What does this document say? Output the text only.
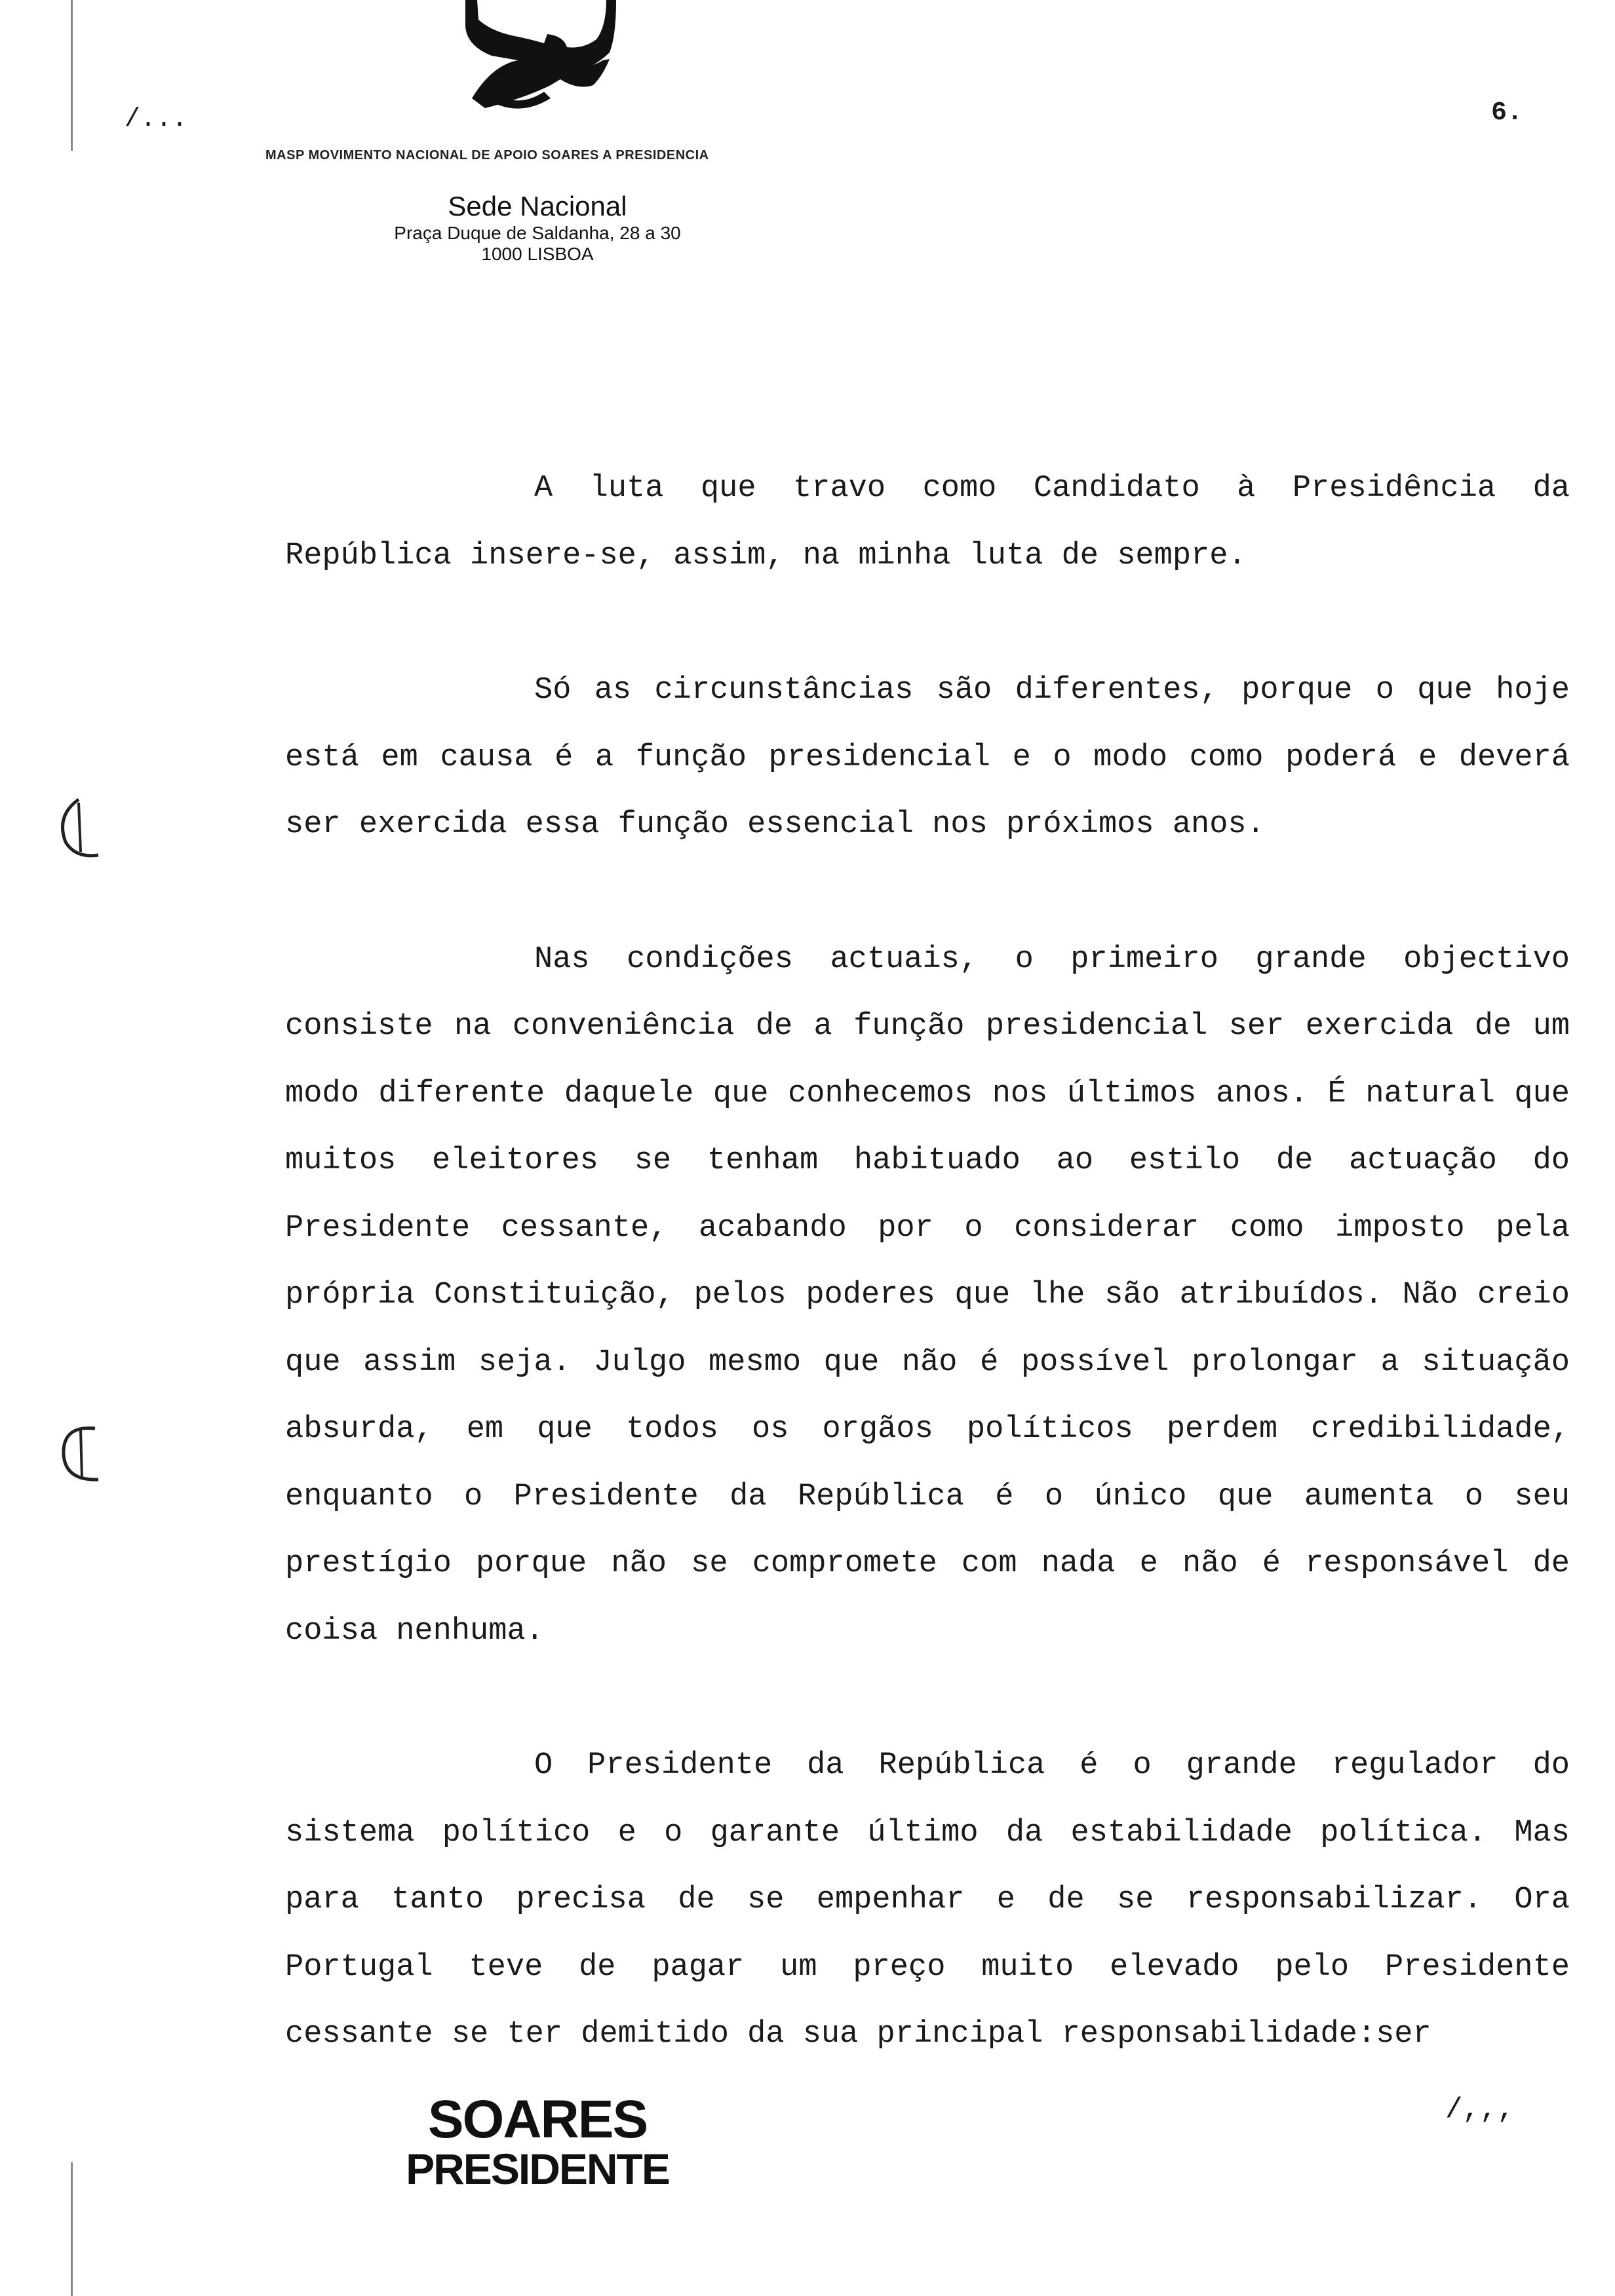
MASP MOVIMENTO NACIONAL DE APOIO SOARES A PRESIDENCIA
Sede Nacional
Praça Duque de Saldanha, 28 a 30
1000 LISBOA
/...	6.

A luta que travo como Candidato à Presidência da República insere-se, assim, na minha luta de sempre.

Só as circunstâncias são diferentes, porque o que hoje está em causa é a função presidencial e o modo como poderá e deverá ser exercida essa função essencial nos próximos anos.

Nas condições actuais, o primeiro grande objectivo consiste na conveniência de a função presidencial ser exercida de um modo diferente daquele que conhecemos nos últimos anos. É natural que muitos eleitores se tenham habituado ao estilo de actuação do Presidente cessante, acabando por o considerar como imposto pela própria Constituição, pelos poderes que lhe são atribuídos. Não creio que assim seja. Julgo mesmo que não é possível prolongar a situação absurda, em que todos os orgãos políticos perdem credibilidade, enquanto o Presidente da República é o único que aumenta o seu prestígio porque não se compromete com nada e não é responsável de coisa nenhuma.

O Presidente da República é o grande regulador do sistema político e o garante último da estabilidade política. Mas para tanto precisa de se empenhar e de se responsabilizar. Ora Portugal teve de pagar um preço muito elevado pelo Presidente cessante se ter demitido da sua principal responsabilidade:ser

SOARES
PRESIDENTE
/,,,
